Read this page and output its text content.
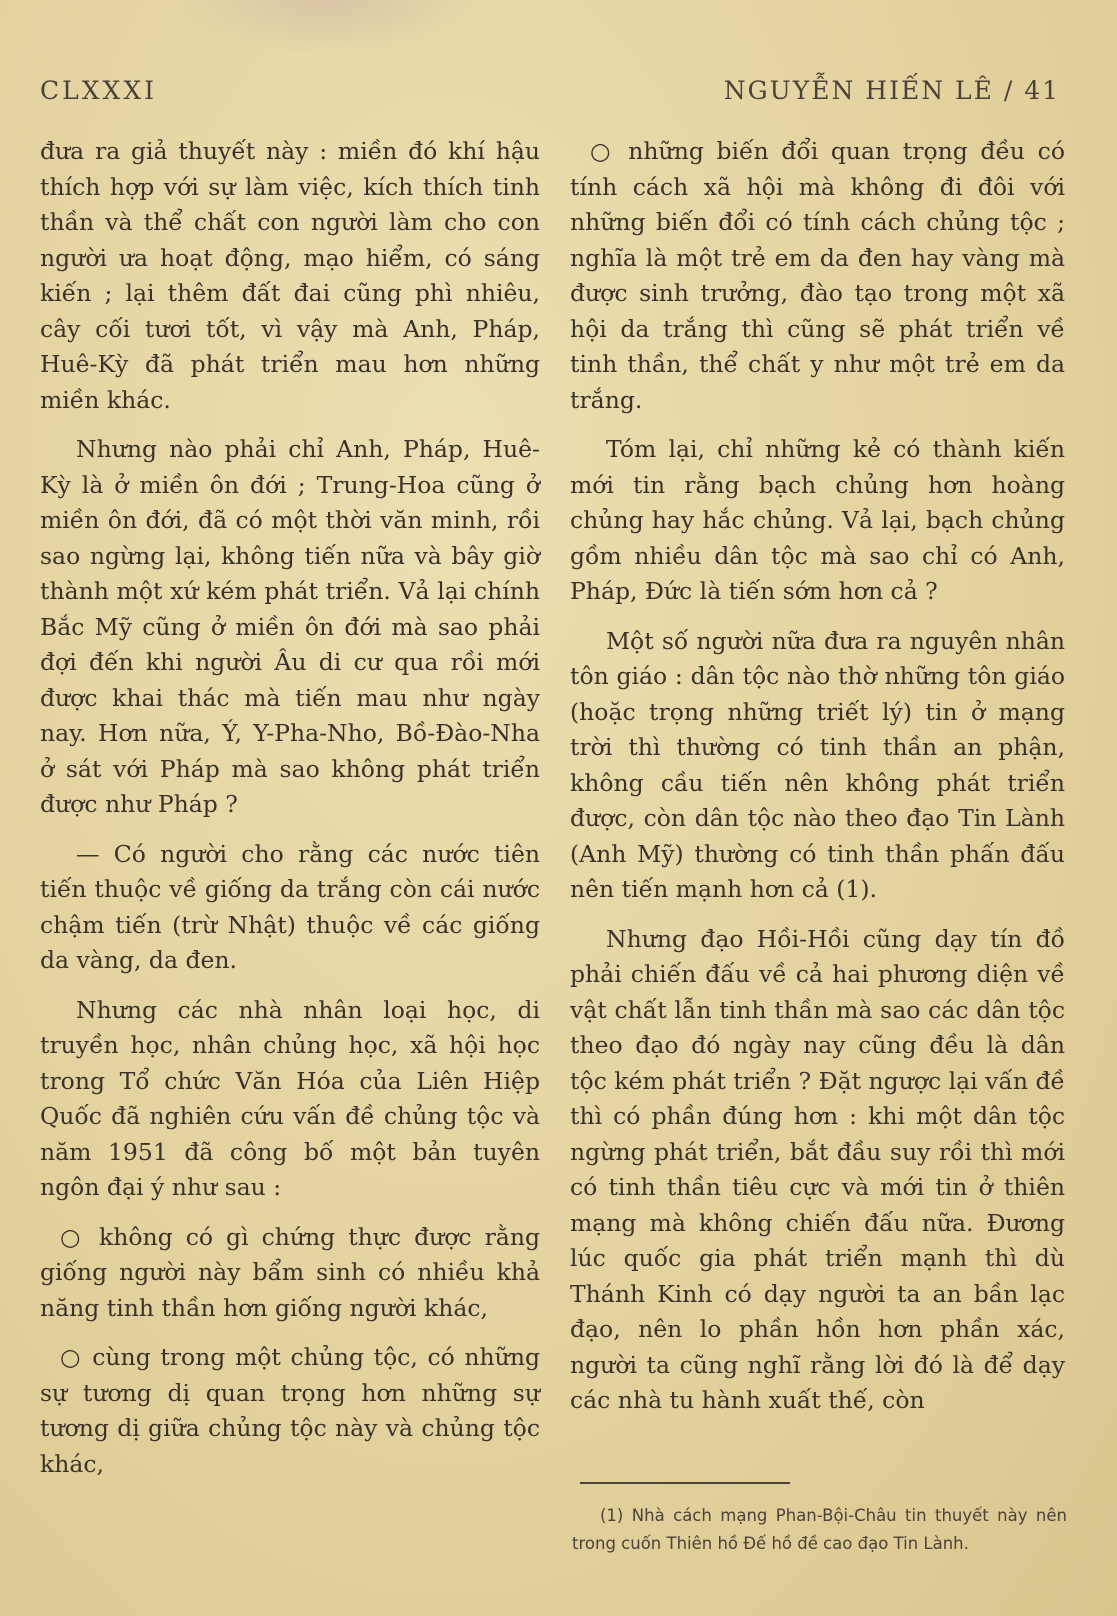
CLXXXI	NGUYỄN HIẾN LÊ / 41

đưa ra giả thuyết này : miền đó khí hậu thích hợp với sự làm việc, kích thích tinh thần và thể chất con người làm cho con người ưa hoạt động, mạo hiểm, có sáng kiến ; lại thêm đất đai cũng phì nhiêu, cây cối tươi tốt, vì vậy mà Anh, Pháp, Huê-Kỳ đã phát triển mau hơn những miền khác.

Nhưng nào phải chỉ Anh, Pháp, Huê-Kỳ là ở miền ôn đới ; Trung-Hoa cũng ở miền ôn đới, đã có một thời văn minh, rồi sao ngừng lại, không tiến nữa và bây giờ thành một xứ kém phát triển. Vả lại chính Bắc Mỹ cũng ở miền ôn đới mà sao phải đợi đến khi người Âu di cư qua rồi mới được khai thác mà tiến mau như ngày nay. Hơn nữa, Ý, Y-Pha-Nho, Bồ-Đào-Nha ở sát với Pháp mà sao không phát triển được như Pháp ?

— Có người cho rằng các nước tiên tiến thuộc về giống da trắng còn cái nước chậm tiến (trừ Nhật) thuộc về các giống da vàng, da đen.

Nhưng các nhà nhân loại học, di truyền học, nhân chủng học, xã hội học trong Tổ chức Văn Hóa của Liên Hiệp Quốc đã nghiên cứu vấn đề chủng tộc và năm 1951 đã công bố một bản tuyên ngôn đại ý như sau :

○ không có gì chứng thực được rằng giống người này bẩm sinh có nhiều khả năng tinh thần hơn giống người khác,

○ cùng trong một chủng tộc, có những sự tương dị quan trọng hơn những sự tương dị giữa chủng tộc này và chủng tộc khác,

○ những biến đổi quan trọng đều có tính cách xã hội mà không đi đôi với những biến đổi có tính cách chủng tộc ; nghĩa là một trẻ em da đen hay vàng mà được sinh trưởng, đào tạo trong một xã hội da trắng thì cũng sẽ phát triển về tinh thần, thể chất y như một trẻ em da trắng.

Tóm lại, chỉ những kẻ có thành kiến mới tin rằng bạch chủng hơn hoàng chủng hay hắc chủng. Vả lại, bạch chủng gồm nhiều dân tộc mà sao chỉ có Anh, Pháp, Đức là tiến sớm hơn cả ?

Một số người nữa đưa ra nguyên nhân tôn giáo : dân tộc nào thờ những tôn giáo (hoặc trọng những triết lý) tin ở mạng trời thì thường có tinh thần an phận, không cầu tiến nên không phát triển được, còn dân tộc nào theo đạo Tin Lành (Anh Mỹ) thường có tinh thần phấn đấu nên tiến mạnh hơn cả (1).

Nhưng đạo Hồi-Hồi cũng dạy tín đồ phải chiến đấu về cả hai phương diện về vật chất lẫn tinh thần mà sao các dân tộc theo đạo đó ngày nay cũng đều là dân tộc kém phát triển ? Đặt ngược lại vấn đề thì có phần đúng hơn : khi một dân tộc ngừng phát triển, bắt đầu suy rồi thì mới có tinh thần tiêu cực và mới tin ở thiên mạng mà không chiến đấu nữa. Đương lúc quốc gia phát triển mạnh thì dù Thánh Kinh có dạy người ta an bần lạc đạo, nên lo phần hồn hơn phần xác, người ta cũng nghĩ rằng lời đó là để dạy các nhà tu hành xuất thế, còn

(1) Nhà cách mạng Phan-Bội-Châu tin thuyết này nên trong cuốn Thiên hồ Đế hồ đề cao đạo Tin Lành.
